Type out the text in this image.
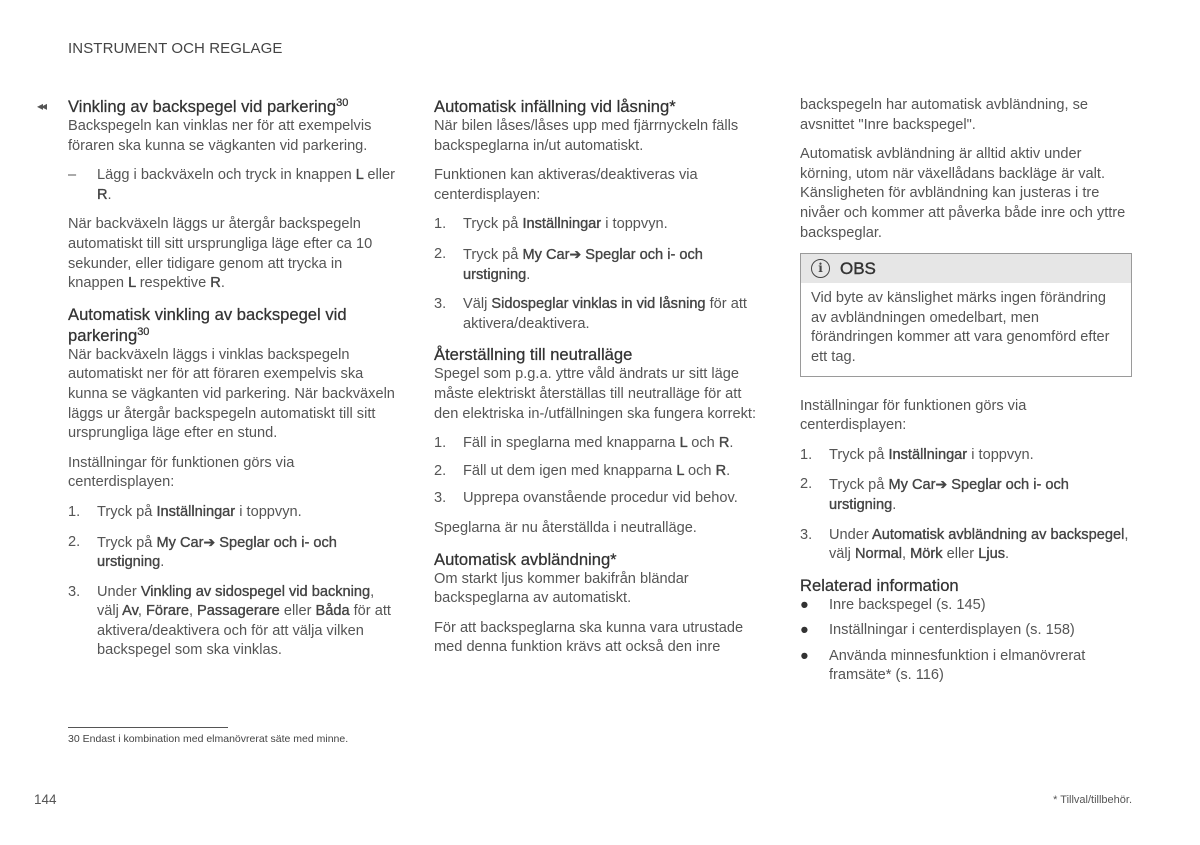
INSTRUMENT OCH REGLAGE
◂◂ Vinkling av backspegel vid parkering$^{30}$

Backspegeln kan vinklas ner för att exempelvis föraren ska kunna se vägkanten vid parkering.

– Lägg i backväxeln och tryck in knappen L eller R.

När backväxeln läggs ur återgår backspegeln automatiskt till sitt ursprungliga läge efter ca 10 sekunder, eller tidigare genom att trycka in knappen L respektive R.

Automatisk vinkling av backspegel vid parkering$^{30}$

När backväxeln läggs i vinklas backspegeln automatiskt ner för att föraren exempelvis ska kunna se vägkanten vid parkering. När backväxeln läggs ur återgår backspegeln automatiskt till sitt ursprungliga läge efter en stund.

Inställningar för funktionen görs via centerdisplayen:

1. Tryck på Inställningar i toppvyn.
2. Tryck på My Car➔ Speglar och i- och urstigning.
3. Under Vinkling av sidospegel vid backning, välj Av, Förare, Passagerare eller Båda för att aktivera/deaktivera och för att välja vilken backspegel som ska vinklas.
Automatisk infällning vid låsning*

När bilen låses/låses upp med fjärrnyckeln fälls backspeglarna in/ut automatiskt.

Funktionen kan aktiveras/deaktiveras via centerdisplayen:

1. Tryck på Inställningar i toppvyn.
2. Tryck på My Car➔ Speglar och i- och urstigning.
3. Välj Sidospeglar vinklas in vid låsning för att aktivera/deaktivera.
Återställning till neutralläge

Spegel som p.g.a. yttre våld ändrats ur sitt läge måste elektriskt återställas till neutralläge för att den elektriska in-/utfällningen ska fungera korrekt:

1. Fäll in speglarna med knapparna L och R.
2. Fäll ut dem igen med knapparna L och R.
3. Upprepa ovanstående procedur vid behov.

Speglarna är nu återställda i neutralläge.

Automatisk avbländning*

Om starkt ljus kommer bakifrån bländar backspeglarna av automatiskt.

För att backspeglarna ska kunna vara utrustade med denna funktion krävs att också den inre

backspegeln har automatisk avbländning, se avsnittet "Inre backspegel".

Automatisk avbländning är alltid aktiv under körning, utom när växellådans backläge är valt. Känsligheten för avbländning kan justeras i tre nivåer och kommer att påverka både inre och yttre backspeglar.

i	OBS
Vid byte av känslighet märks ingen förändring av avbländningen omedelbart, men förändringen kommer att vara genomförd efter ett tag.

Inställningar för funktionen görs via centerdisplayen:

1. Tryck på Inställningar i toppvyn.
2. Tryck på My Car➔ Speglar och i- och urstigning.
3. Under Automatisk avbländning av backspegel, välj Normal, Mörk eller Ljus.
Relaterad information
● Inre backspegel (s. 145)
● Inställningar i centerdisplayen (s. 158)
● Använda minnesfunktion i elmanövrerat framsäte* (s. 116)
30 Endast i kombination med elmanövrerat säte med minne.
144	* Tillval/tillbehör.
